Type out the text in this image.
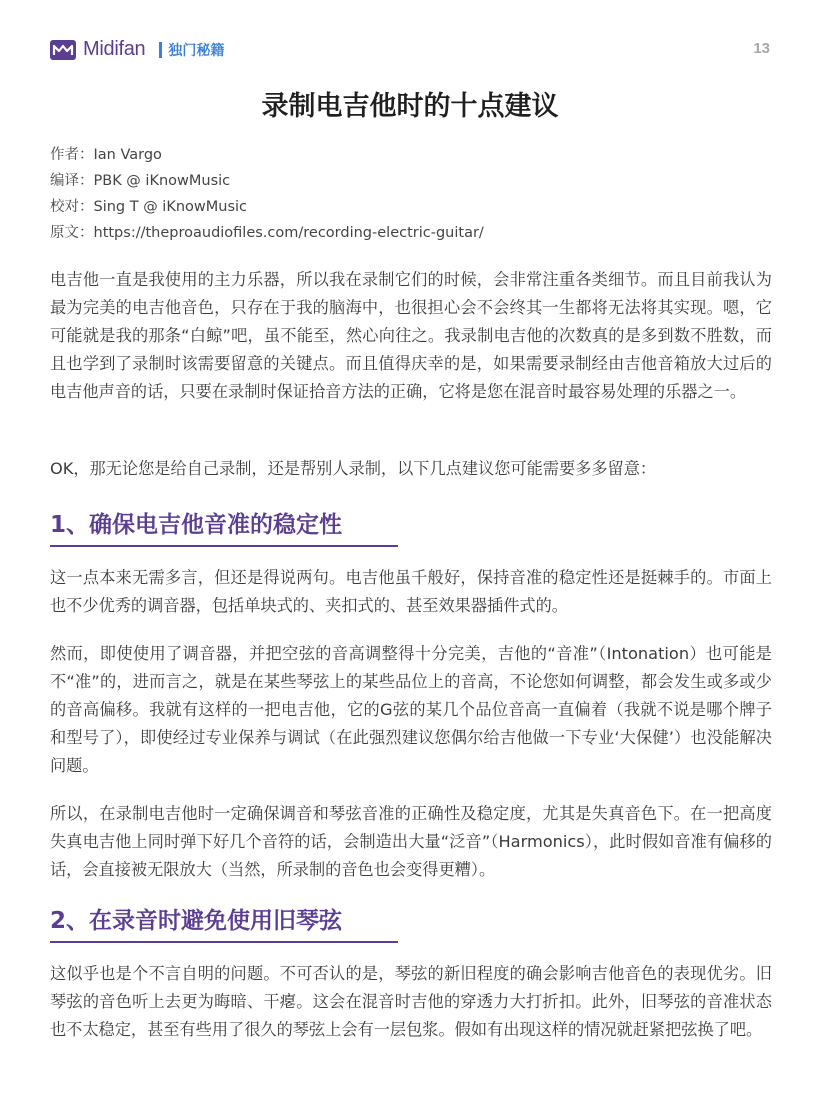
Midifan 独门秘籍	13
录制电吉他时的十点建议
作者：Ian Vargo
编译：PBK @ iKnowMusic
校对：Sing T @ iKnowMusic
原文：https://theproaudiofiles.com/recording-electric-guitar/

电吉他一直是我使用的主力乐器，所以我在录制它们的时候，会非常注重各类细节。而且目前我认为最为完美的电吉他音色，只存在于我的脑海中，也很担心会不会终其一生都将无法将其实现。嗯，它可能就是我的那条“白鲸”吧，虽不能至，然心向往之。我录制电吉他的次数真的是多到数不胜数，而且也学到了录制时该需要留意的关键点。而且值得庆幸的是，如果需要录制经由吉他音箱放大过后的电吉他声音的话，只要在录制时保证拾音方法的正确，它将是您在混音时最容易处理的乐器之一。

OK，那无论您是给自己录制，还是帮别人录制，以下几点建议您可能需要多多留意：

1、确保电吉他音准的稳定性

这一点本来无需多言，但还是得说两句。电吉他虽千般好，保持音准的稳定性还是挺棘手的。市面上也不少优秀的调音器，包括单块式的、夹扣式的、甚至效果器插件式的。

然而，即使使用了调音器，并把空弦的音高调整得十分完美，吉他的“音准”（Intonation）也可能是不“准”的，进而言之，就是在某些琴弦上的某些品位上的音高，不论您如何调整，都会发生或多或少的音高偏移。我就有这样的一把电吉他，它的G弦的某几个品位音高一直偏着（我就不说是哪个牌子和型号了），即使经过专业保养与调试（在此强烈建议您偶尔给吉他做一下专业‘大保健’）也没能解决问题。

所以，在录制电吉他时一定确保调音和琴弦音准的正确性及稳定度，尤其是失真音色下。在一把高度失真电吉他上同时弹下好几个音符的话，会制造出大量“泛音”（Harmonics），此时假如音准有偏移的话，会直接被无限放大（当然，所录制的音色也会变得更糟）。

2、在录音时避免使用旧琴弦

这似乎也是个不言自明的问题。不可否认的是，琴弦的新旧程度的确会影响吉他音色的表现优劣。旧琴弦的音色听上去更为晦暗、干瘪。这会在混音时吉他的穿透力大打折扣。此外，旧琴弦的音准状态也不太稳定，甚至有些用了很久的琴弦上会有一层包浆。假如有出现这样的情况就赶紧把弦换了吧。
